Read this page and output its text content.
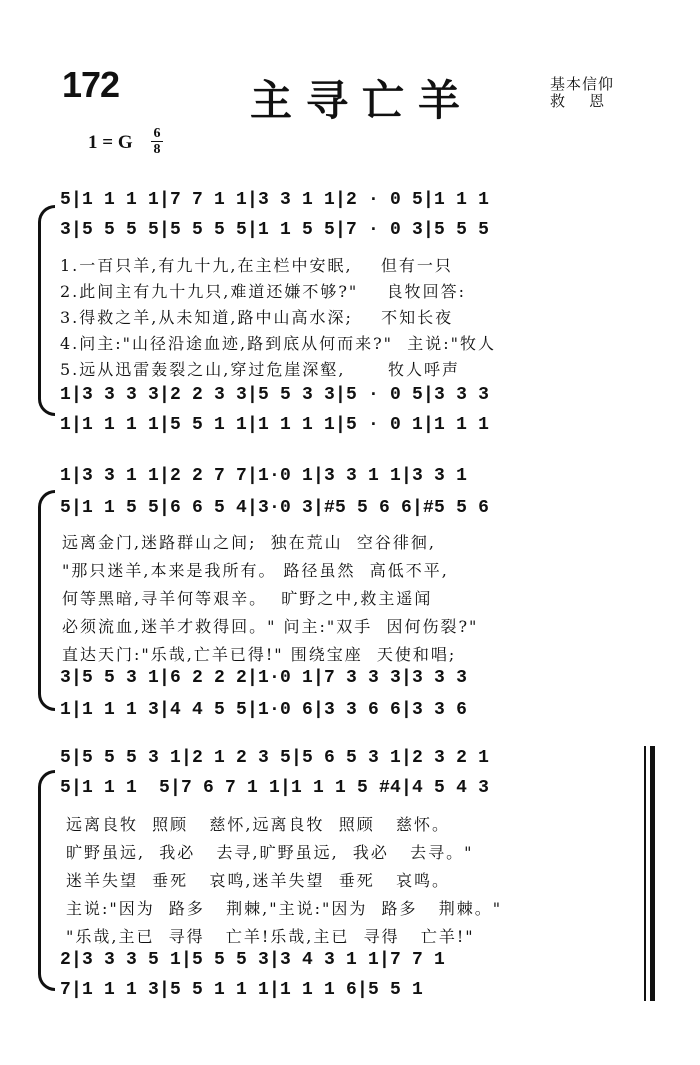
172	主寻亡羊	基本信仰
救    恩
1 = G 6
8
5|1 1 1 1|7 7 1 1|3 3 1 1|2 · 0 5|1 1 1
3|5 5 5 5|5 5 5 5|1 1 5 5|7 · 0 3|5 5 5
1.一百只羊,有九十九,在主栏中安眠,    但有一只
2.此间主有九十九只,难道还嫌不够?"    良牧回答:
3.得救之羊,从未知道,路中山高水深;    不知长夜
4.问主:"山径沿途血迹,路到底从何而来?"  主说:"牧人
5.远从迅雷轰裂之山,穿过危崖深壑,      牧人呼声
1|3 3 3 3|2 2 3 3|5 5 3 3|5 · 0 5|3 3 3
1|1 1 1 1|5 5 1 1|1 1 1 1|5 · 0 1|1 1 1
1|3 3 1 1|2 2 7 7|1·0 1|3 3 1 1|3 3 1
5|1 1 5 5|6 6 5 4|3·0 3|#5 5 6 6|#5 5 6
远离金门,迷路群山之间;  独在荒山  空谷徘徊,
"那只迷羊,本来是我所有。 路径虽然  高低不平,
何等黑暗,寻羊何等艰辛。  旷野之中,救主遥闻
必须流血,迷羊才救得回。" 问主:"双手  因何伤裂?"
直达天门:"乐哉,亡羊已得!" 围绕宝座  天使和唱;
3|5 5 3 1|6 2 2 2|1·0 1|7 3 3 3|3 3 3
1|1 1 1 3|4 4 5 5|1·0 6|3 3 6 6|3 3 6
5|5 5 5 3 1|2 1 2 3 5|5 6 5 3 1|2 3 2 1
5|1 1 1  5|7 6 7 1 1|1 1 1 5 #4|4 5 4 3
远离良牧  照顾   慈怀,远离良牧  照顾   慈怀。
旷野虽远,  我必   去寻,旷野虽远,  我必   去寻。"
迷羊失望  垂死   哀鸣,迷羊失望  垂死   哀鸣。
主说:"因为  路多   荆棘,"主说:"因为  路多   荆棘。"
"乐哉,主已  寻得   亡羊!乐哉,主已  寻得   亡羊!"
2|3 3 3 5 1|5 5 5 3|3 4 3 1 1|7 7 1
7|1 1 1 3|5 5 1 1 1|1 1 1 6|5 5 1
